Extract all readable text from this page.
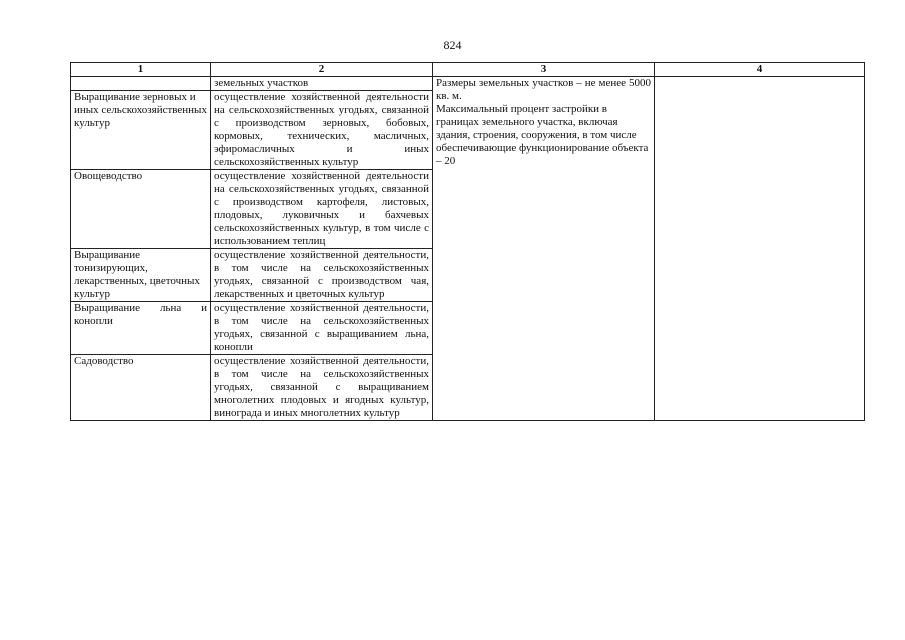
824
1	2	3	4
	земельных участков	Размеры земельных участков – не менее 5000 кв. м.

Максимальный процент застройки в границах земельного участка, включая здания, строения, сооружения, в том числе обеспечивающие функционирование объекта – 20	

Выращивание зерновых и иных сельскохозяйственных культур	осуществление хозяйственной деятельности на сельскохозяйственных угодьях, связанной с производством зерновых, бобовых, кормовых, технических, масличных, эфиромасличных и иных сельскохозяйственных культур		
Овощеводство	осуществление хозяйственной деятельности на сельскохозяйственных угодьях, связанной с производством картофеля, листовых, плодовых, луковичных и бахчевых сельскохозяйственных культур, в том числе с использованием теплиц		
Выращивание тонизирующих, лекарственных, цветочных культур	осуществление хозяйственной деятельности, в том числе на сельскохозяйственных угодьях, связанной с производством чая, лекарственных и цветочных культур		
Выращивание льна и конопли	осуществление хозяйственной деятельности, в том числе на сельскохозяйственных угодьях, связанной с выращиванием льна, конопли		
Садоводство	осуществление хозяйственной деятельности, в том числе на сельскохозяйственных угодьях, связанной с выращиванием многолетних плодовых и ягодных культур, винограда и иных многолетних культур		
